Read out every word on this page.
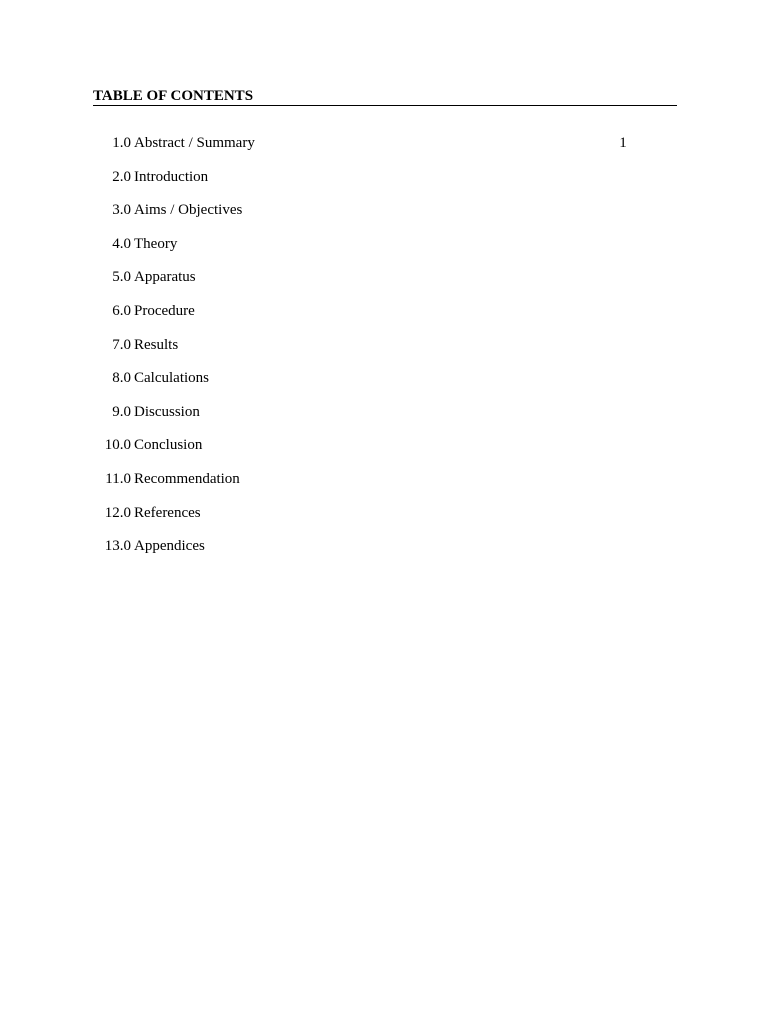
TABLE OF CONTENTS
1.0 Abstract / Summary	1
2.0 Introduction
3.0 Aims / Objectives
4.0 Theory
5.0 Apparatus
6.0 Procedure
7.0 Results
8.0 Calculations
9.0 Discussion
10.0 Conclusion
11.0 Recommendation
12.0 References
13.0 Appendices
